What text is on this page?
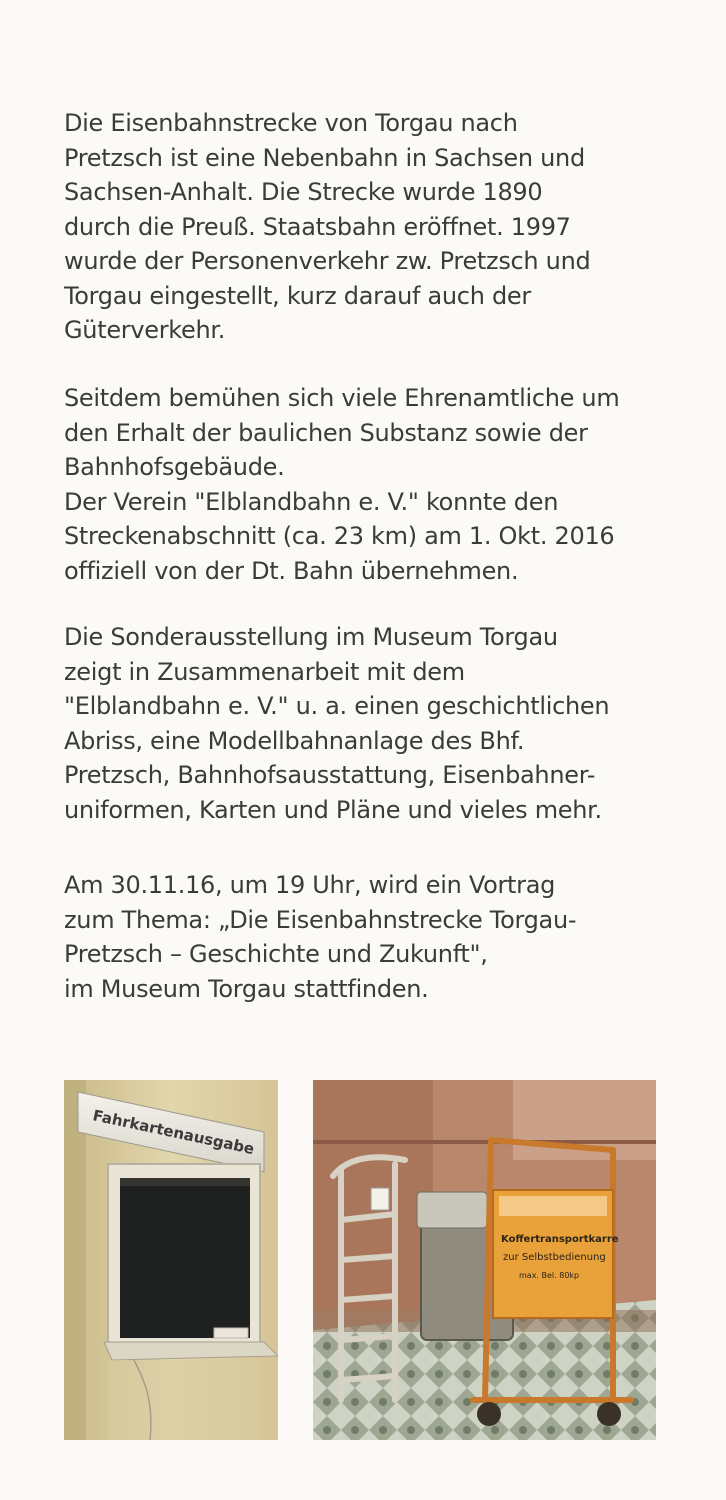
Die Eisenbahnstrecke von Torgau nach
Pretzsch ist eine Nebenbahn in Sachsen und
Sachsen-Anhalt. Die Strecke wurde 1890
durch die Preuß. Staatsbahn eröffnet. 1997
wurde der Personenverkehr zw. Pretzsch und
Torgau eingestellt, kurz darauf auch der
Güterverkehr.
Seitdem bemühen sich viele Ehrenamtliche um
den Erhalt der baulichen Substanz sowie der
Bahnhofsgebäude.
Der Verein "Elblandbahn e. V." konnte den
Streckenabschnitt (ca. 23 km) am 1. Okt. 2016
offiziell von der Dt. Bahn übernehmen.
Die Sonderausstellung im Museum Torgau
zeigt in Zusammenarbeit mit dem
"Elblandbahn e. V." u. a. einen geschichtlichen
Abriss, eine Modellbahnanlage des Bhf.
Pretzsch, Bahnhofsausstattung, Eisenbahner-
uniformen, Karten und Pläne und vieles mehr.
Am 30.11.16, um 19 Uhr, wird ein Vortrag
zum Thema: „Die Eisenbahnstrecke Torgau-
Pretzsch – Geschichte und Zukunft",
im Museum Torgau stattfinden.
Fahrkartenausgabe
Koffertransportkarre
zur Selbstbedienung
max. Bel. 80kp
